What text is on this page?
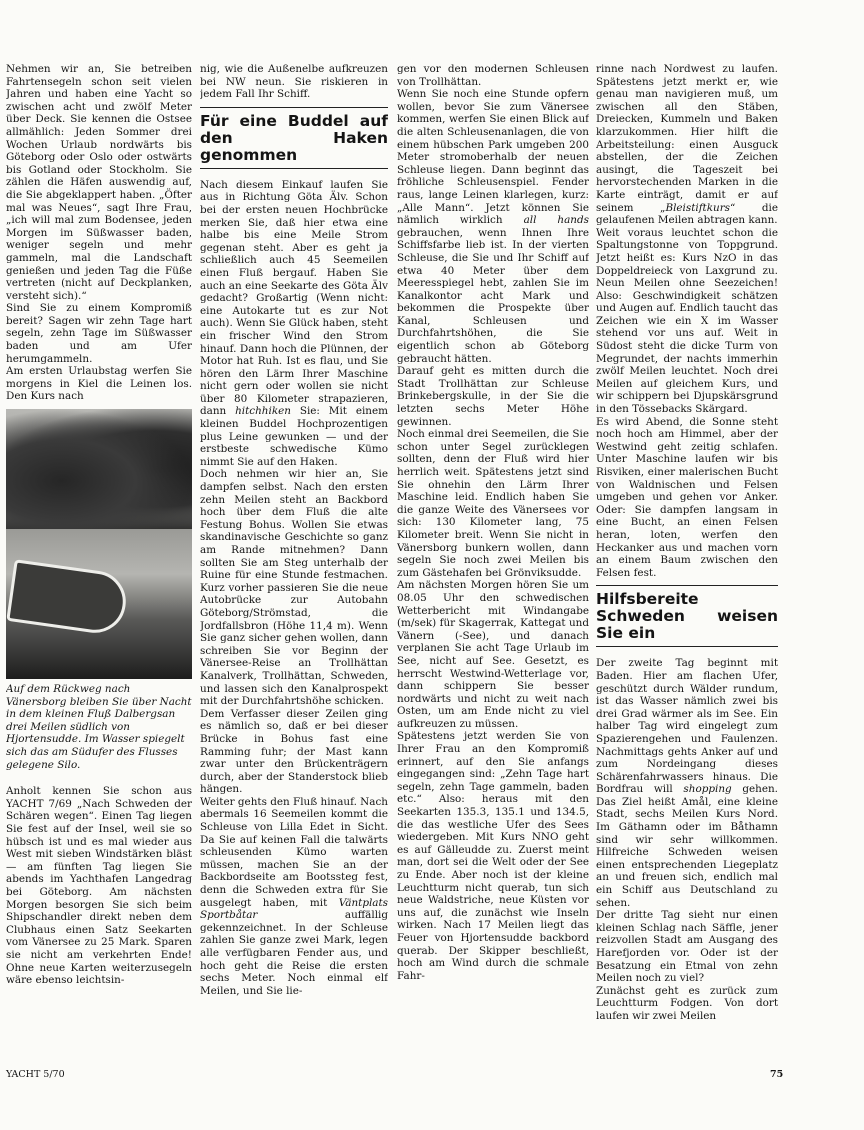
Nehmen wir an, Sie betreiben Fahrtensegeln schon seit vielen Jahren und haben eine Yacht so zwischen acht und zwölf Meter über Deck. Sie kennen die Ostsee allmählich: Jeden Sommer drei Wochen Urlaub nordwärts bis Göteborg oder Oslo oder ostwärts bis Gotland oder Stockholm. Sie zählen die Häfen auswendig auf, die Sie abgeklappert haben. „Öfter mal was Neues“, sagt Ihre Frau, „ich will mal zum Bodensee, jeden Morgen im Süßwasser baden, weniger segeln und mehr gammeln, mal die Landschaft genießen und jeden Tag die Füße vertreten (nicht auf Deckplanken, versteht sich).“

Sind Sie zu einem Kompromiß bereit? Sagen wir zehn Tage hart segeln, zehn Tage im Süßwasser baden und am Ufer herumgammeln.

Am ersten Urlaubstag werfen Sie morgens in Kiel die Leinen los. Den Kurs nach

Auf dem Rückweg nach Vänersborg bleiben Sie über Nacht in dem kleinen Fluß Dalbergsan drei Meilen südlich von Hjortensudde. Im Wasser spiegelt sich das am Südufer des Flusses gelegene Silo.

Anholt kennen Sie schon aus YACHT 7/69 „Nach Schweden der Schären wegen“. Einen Tag liegen Sie fest auf der Insel, weil sie so hübsch ist und es mal wieder aus West mit sieben Windstärken bläst — am fünften Tag liegen Sie abends im Yachthafen Langedrag bei Göteborg. Am nächsten Morgen besorgen Sie sich beim Shipschandler direkt neben dem Clubhaus einen Satz Seekarten vom Vänersee zu 25 Mark. Sparen sie nicht am verkehrten Ende! Ohne neue Karten weiterzusegeln wäre ebenso leichtsin-

nig, wie die Außenelbe aufkreuzen bei NW neun. Sie riskieren in jedem Fall Ihr Schiff.

Für eine Buddel auf den Haken genommen

Nach diesem Einkauf laufen Sie aus in Richtung Göta Älv. Schon bei der ersten neuen Hochbrücke merken Sie, daß hier etwa eine halbe bis eine Meile Strom gegenan steht. Aber es geht ja schließlich auch 45 Seemeilen einen Fluß bergauf. Haben Sie auch an eine Seekarte des Göta Älv gedacht? Großartig (Wenn nicht: eine Autokarte tut es zur Not auch). Wenn Sie Glück haben, steht ein frischer Wind den Strom hinauf. Dann hoch die Plünnen, der Motor hat Ruh. Ist es flau, und Sie hören den Lärm Ihrer Maschine nicht gern oder wollen sie nicht über 80 Kilometer strapazieren, dann hitchhiken Sie: Mit einem kleinen Buddel Hochprozentigen plus Leine gewunken — und der erstbeste schwedische Kümo nimmt Sie auf den Haken.

Doch nehmen wir hier an, Sie dampfen selbst. Nach den ersten zehn Meilen steht an Backbord hoch über dem Fluß die alte Festung Bohus. Wollen Sie etwas skandinavische Geschichte so ganz am Rande mitnehmen? Dann sollten Sie am Steg unterhalb der Ruine für eine Stunde festmachen. Kurz vorher passieren Sie die neue Autobrücke zur Autobahn Göteborg/Strömstad, die Jordfallsbron (Höhe 11,4 m). Wenn Sie ganz sicher gehen wollen, dann schreiben Sie vor Beginn der Vänersee-Reise an Trollhättan Kanalverk, Trollhättan, Schweden, und lassen sich den Kanalprospekt mit der Durchfahrtshöhe schicken.

Dem Verfasser dieser Zeilen ging es nämlich so, daß er bei dieser Brücke in Bohus fast eine Ramming fuhr; der Mast kann zwar unter den Brückenträgern durch, aber der Standerstock blieb hängen.

Weiter gehts den Fluß hinauf. Nach abermals 16 Seemeilen kommt die Schleuse von Lilla Edet in Sicht. Da Sie auf keinen Fall die talwärts schleusenden Kümo warten müssen, machen Sie an der Backbordseite am Bootssteg fest, denn die Schweden extra für Sie ausgelegt haben, mit Väntplats Sportbåtar auffällig gekennzeichnet. In der Schleuse zahlen Sie ganze zwei Mark, legen alle verfügbaren Fender aus, und hoch geht die Reise die ersten sechs Meter. Noch einmal elf Meilen, und Sie lie-

gen vor den modernen Schleusen von Trollhättan.

Wenn Sie noch eine Stunde opfern wollen, bevor Sie zum Vänersee kommen, werfen Sie einen Blick auf die alten Schleusenanlagen, die von einem hübschen Park umgeben 200 Meter stromoberhalb der neuen Schleuse liegen. Dann beginnt das fröhliche Schleusenspiel. Fender raus, lange Leinen klarlegen, kurz: „Alle Mann“. Jetzt können Sie nämlich wirklich all hands gebrauchen, wenn Ihnen Ihre Schiffsfarbe lieb ist. In der vierten Schleuse, die Sie und Ihr Schiff auf etwa 40 Meter über dem Meeresspiegel hebt, zahlen Sie im Kanalkontor acht Mark und bekommen die Prospekte über Kanal, Schleusen und Durchfahrtshöhen, die Sie eigentlich schon ab Göteborg gebraucht hätten.

Darauf geht es mitten durch die Stadt Trollhättan zur Schleuse Brinkebergskulle, in der Sie die letzten sechs Meter Höhe gewinnen.

Noch einmal drei Seemeilen, die Sie schon unter Segel zurücklegen sollten, denn der Fluß wird hier herrlich weit. Spätestens jetzt sind Sie ohnehin den Lärm Ihrer Maschine leid. Endlich haben Sie die ganze Weite des Vänersees vor sich: 130 Kilometer lang, 75 Kilometer breit. Wenn Sie nicht in Vänersborg bunkern wollen, dann segeln Sie noch zwei Meilen bis zum Gästehafen bei Grönviksudde.

Am nächsten Morgen hören Sie um 08.05 Uhr den schwedischen Wetterbericht mit Windangabe (m/sek) für Skagerrak, Kattegat und Vänern (-See), und danach verplanen Sie acht Tage Urlaub im See, nicht auf See. Gesetzt, es herrscht Westwind-Wetterlage vor, dann schippern Sie besser nordwärts und nicht zu weit nach Osten, um am Ende nicht zu viel aufkreuzen zu müssen.

Spätestens jetzt werden Sie von Ihrer Frau an den Kompromiß erinnert, auf den Sie anfangs eingegangen sind: „Zehn Tage hart segeln, zehn Tage gammeln, baden etc.“ Also: heraus mit den Seekarten 135.3, 135.1 und 134.5, die das westliche Ufer des Sees wiedergeben. Mit Kurs NNO geht es auf Gälleudde zu. Zuerst meint man, dort sei die Welt oder der See zu Ende. Aber noch ist der kleine Leuchtturm nicht querab, tun sich neue Waldstriche, neue Küsten vor uns auf, die zunächst wie Inseln wirken. Nach 17 Meilen liegt das Feuer von Hjortensudde backbord querab. Der Skipper beschließt, hoch am Wind durch die schmale Fahr-

rinne nach Nordwest zu laufen. Spätestens jetzt merkt er, wie genau man navigieren muß, um zwischen all den Stäben, Dreiecken, Kummeln und Baken klarzukommen. Hier hilft die Arbeitsteilung: einen Ausguck abstellen, der die Zeichen ausingt, die Tageszeit bei hervorstechenden Marken in die Karte einträgt, damit er auf seinem „Bleistiftkurs“ die gelaufenen Meilen abtragen kann.

Weit voraus leuchtet schon die Spaltungstonne von Toppgrund. Jetzt heißt es: Kurs NzO in das Doppeldreieck von Laxgrund zu. Neun Meilen ohne Seezeichen! Also: Geschwindigkeit schätzen und Augen auf. Endlich taucht das Zeichen wie ein X im Wasser stehend vor uns auf. Weit in Südost steht die dicke Turm von Megrundet, der nachts immerhin zwölf Meilen leuchtet. Noch drei Meilen auf gleichem Kurs, und wir schippern bei Djupskärsgrund in den Tössebacks Skärgard.

Es wird Abend, die Sonne steht noch hoch am Himmel, aber der Westwind geht zeitig schlafen. Unter Maschine laufen wir bis Risviken, einer malerischen Bucht von Waldnischen und Felsen umgeben und gehen vor Anker. Oder: Sie dampfen langsam in eine Bucht, an einen Felsen heran, loten, werfen den Heckanker aus und machen vorn an einem Baum zwischen den Felsen fest.

Hilfsbereite Schweden weisen Sie ein

Der zweite Tag beginnt mit Baden. Hier am flachen Ufer, geschützt durch Wälder rundum, ist das Wasser nämlich zwei bis drei Grad wärmer als im See. Ein halber Tag wird eingelegt zum Spazierengehen und Faulenzen. Nachmittags gehts Anker auf und zum Nordeingang dieses Schärenfahrwassers hinaus. Die Bordfrau will shopping gehen. Das Ziel heißt Amål, eine kleine Stadt, sechs Meilen Kurs Nord. Im Gäthamn oder im Båthamn sind wir sehr willkommen. Hilfreiche Schweden weisen einen entsprechenden Liegeplatz an und freuen sich, endlich mal ein Schiff aus Deutschland zu sehen.

Der dritte Tag sieht nur einen kleinen Schlag nach Säffle, jener reizvollen Stadt am Ausgang des Harefjorden vor. Oder ist der Besatzung ein Etmal von zehn Meilen noch zu viel?

Zunächst geht es zurück zum Leuchtturm Fodgen. Von dort laufen wir zwei Meilen

YACHT 5/70	75
